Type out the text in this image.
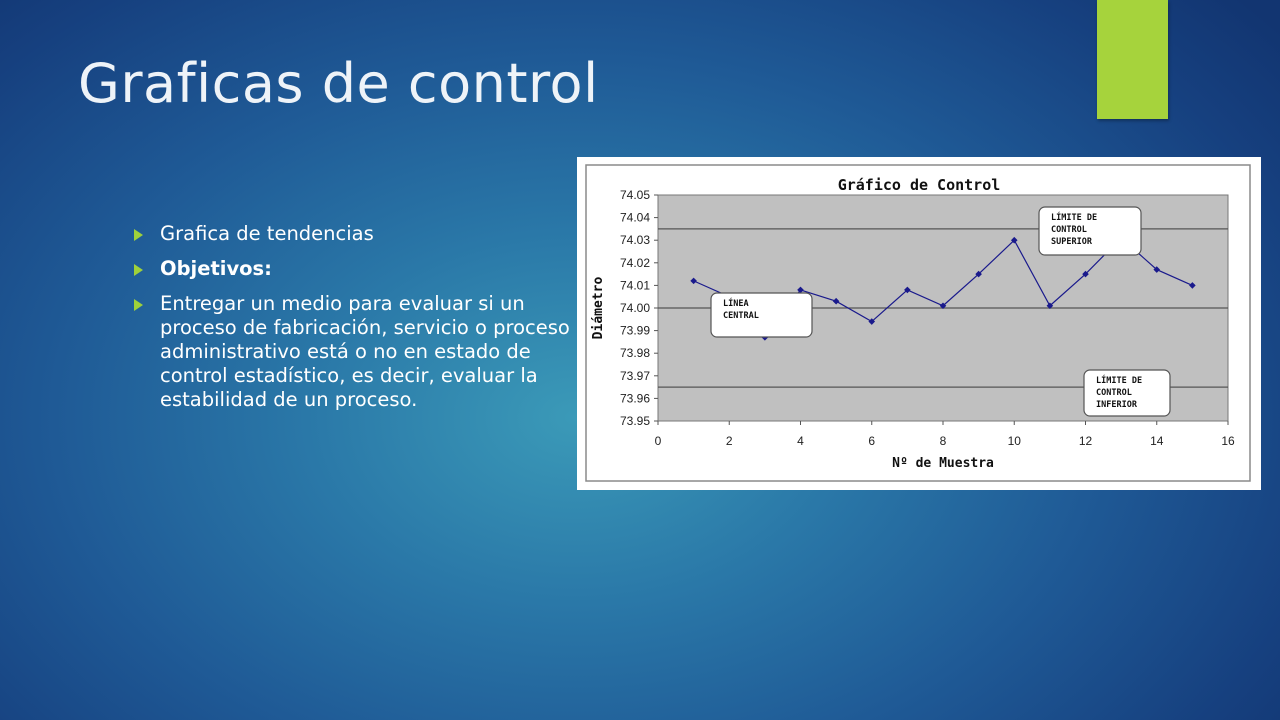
Graficas de control
Grafica de tendencias
Objetivos:
Entregar un medio para evaluar si un proceso de fabricación, servicio o proceso administrativo está o no en estado de control estadístico, es decir, evaluar la estabilidad de un proceso.
Gráfico de Control
73.95
73.96
73.97
73.98
73.99
74.00
74.01
74.02
74.03
74.04
74.05
0	2	4	6	8	10	12	14	16
Nº de Muestra
Diámetro
LÍMITE DE
CONTROL
SUPERIOR
LÍNEA
CENTRAL
LÍMITE DE
CONTROL
INFERIOR
